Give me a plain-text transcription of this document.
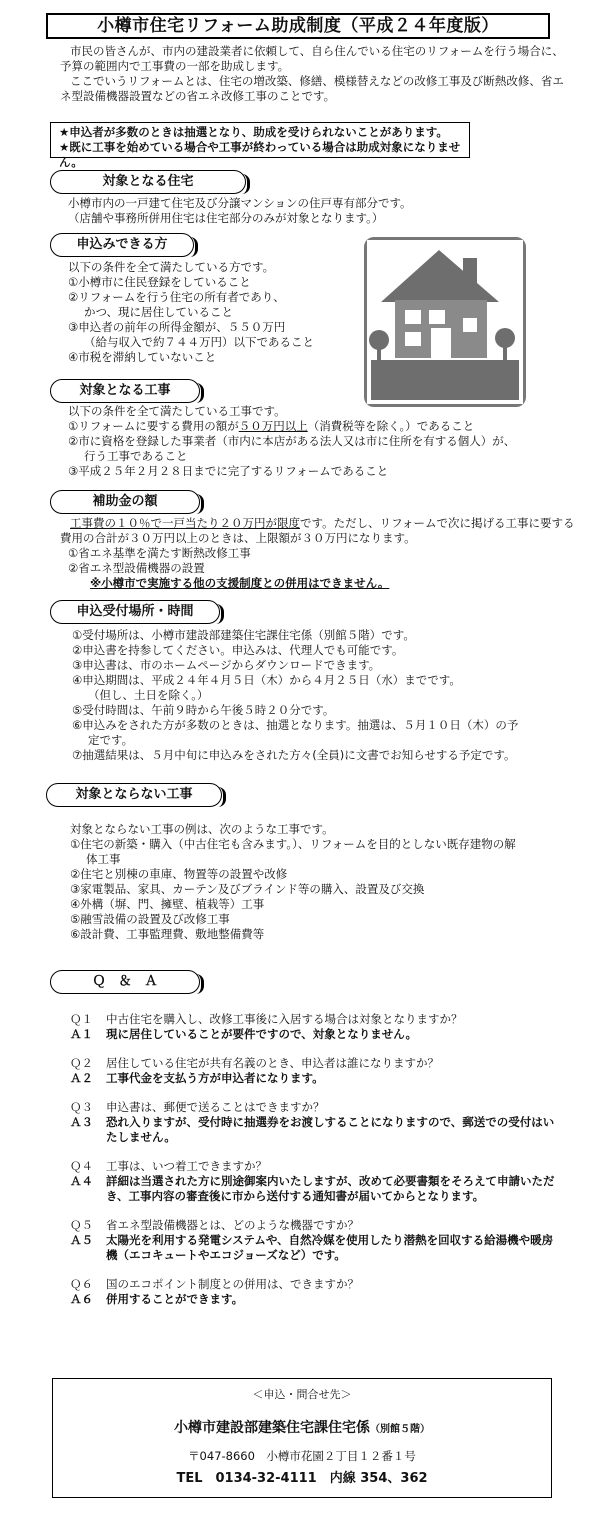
小樽市住宅リフォーム助成制度（平成２４年度版）

市民の皆さんが、市内の建設業者に依頼して、自ら住んでいる住宅のリフォームを行う場合に、予算の範囲内で工事費の一部を助成します。

ここでいうリフォームとは、住宅の増改築、修繕、模様替えなどの改修工事及び断熱改修、省エネ型設備機器設置などの省エネ改修工事のことです。

★申込者が多数のときは抽選となり、助成を受けられないことがあります。
★既に工事を始めている場合や工事が終わっている場合は助成対象になりません。
対象となる住宅
小樽市内の一戸建て住宅及び分譲マンションの住戸専有部分です。
（店舗や事務所併用住宅は住宅部分のみが対象となります。）
申込みできる方
以下の条件を全て満たしている方です。
①小樽市に住民登録をしていること
②リフォームを行う住宅の所有者であり、
かつ、現に居住していること
③申込者の前年の所得金額が、５５０万円
（給与収入で約７４４万円）以下であること
④市税を滞納していないこと
対象となる工事
以下の条件を全て満たしている工事です。
①リフォームに要する費用の額が５０万円以上（消費税等を除く。）であること
②市に資格を登録した事業者（市内に本店がある法人又は市に住所を有する個人）が、
行う工事であること
③平成２５年２月２８日までに完了するリフォームであること
補助金の額
工事費の１０％で一戸当たり２０万円が限度です。ただし、リフォームで次に掲げる工事に要する費用の合計が３０万円以上のときは、上限額が３０万円になります。
①省エネ基準を満たす断熱改修工事
②省エネ型設備機器の設置
※小樽市で実施する他の支援制度との併用はできません。
申込受付場所・時間
①受付場所は、小樽市建設部建築住宅課住宅係（別館５階）です。
②申込書を持参してください。申込みは、代理人でも可能です。
③申込書は、市のホームページからダウンロードできます。
④申込期間は、平成２４年４月５日（木）から４月２５日（水）までです。
（但し、土日を除く。）
⑤受付時間は、午前９時から午後５時２０分です。
⑥申込みをされた方が多数のときは、抽選となります。抽選は、５月１０日（木）の予
定です。
⑦抽選結果は、５月中旬に申込みをされた方々(全員)に文書でお知らせする予定です。
対象とならない工事
対象とならない工事の例は、次のような工事です。
①住宅の新築・購入（中古住宅も含みます。）、リフォームを目的としない既存建物の解
体工事
②住宅と別棟の車庫、物置等の設置や改修
③家電製品、家具、カーテン及びブラインド等の購入、設置及び交換
④外構（塀、門、擁壁、植栽等）工事
⑤融雪設備の設置及び改修工事
⑥設計費、工事監理費、敷地整備費等
Ｑ　＆　Ａ
Ｑ１	中古住宅を購入し、改修工事後に入居する場合は対象となりますか？
Ａ１	現に居住していることが要件ですので、対象となりません。
Ｑ２	居住している住宅が共有名義のとき、申込者は誰になりますか？
Ａ２	工事代金を支払う方が申込者になります。
Ｑ３	申込書は、郵便で送ることはできますか？
Ａ３	恐れ入りますが、受付時に抽選券をお渡しすることになりますので、郵送での受付はいたしません。
Ｑ４	工事は、いつ着工できますか？
Ａ４	詳細は当選された方に別途御案内いたしますが、改めて必要書類をそろえて申請いただき、工事内容の審査後に市から送付する通知書が届いてからとなります。
Ｑ５	省エネ型設備機器とは、どのような機器ですか？
Ａ５	太陽光を利用する発電システムや、自然冷媒を使用したり潜熱を回収する給湯機や暖房機（エコキュートやエコジョーズなど）です。
Ｑ６	国のエコポイント制度との併用は、できますか？
Ａ６	併用することができます。
＜申込・問合せ先＞
小樽市建設部建築住宅課住宅係（別館５階）
〒047-8660　小樽市花園２丁目１２番１号
TEL　0134-32-4111　内線 354、362
